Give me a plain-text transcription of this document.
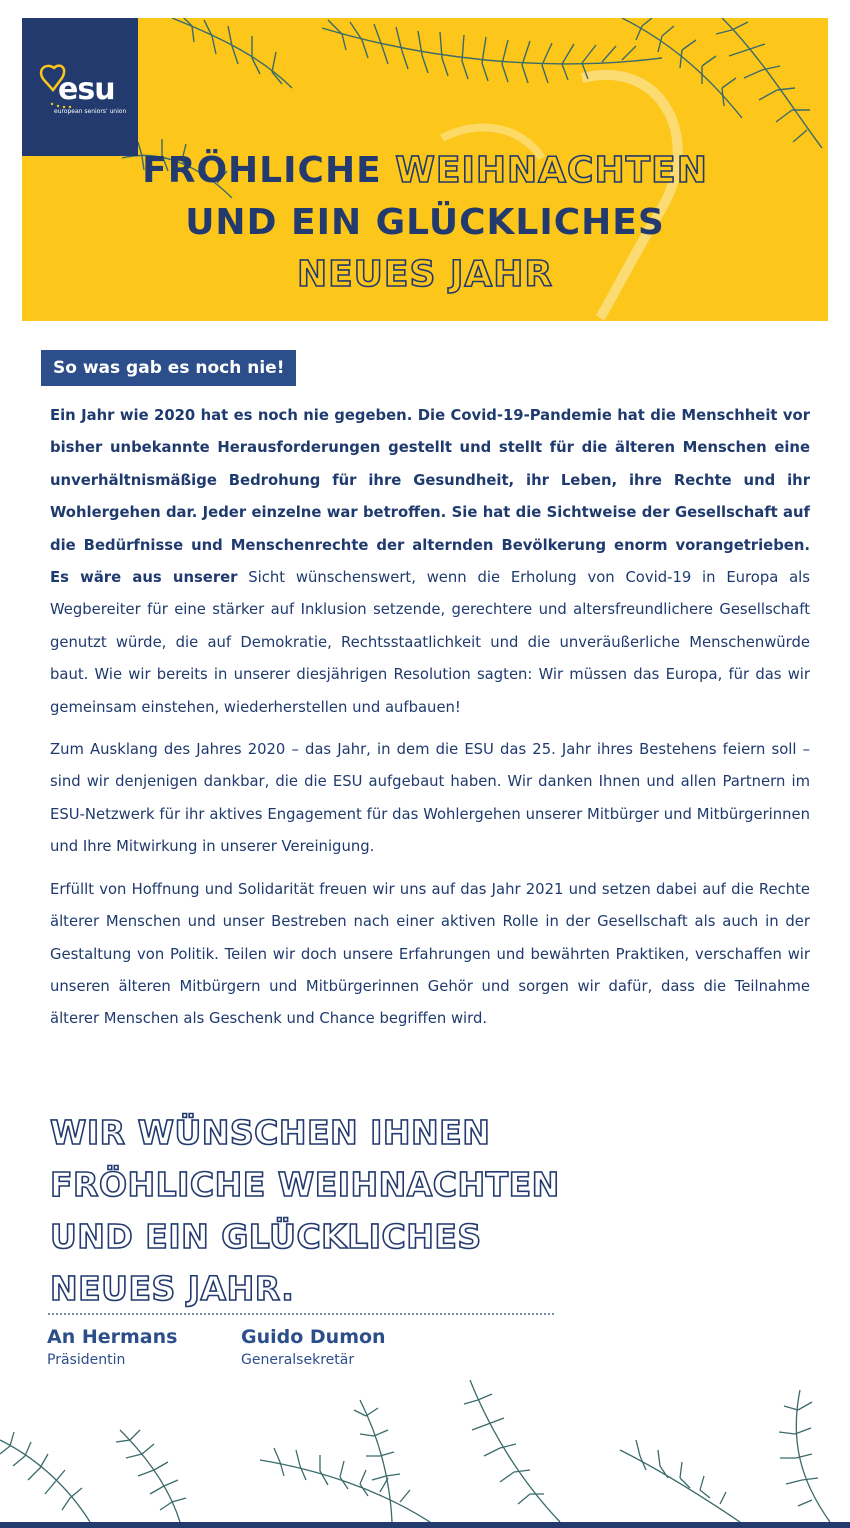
esu
european seniors' union
FRÖHLICHE WEIHNACHTEN
UND EIN GLÜCKLICHES
NEUES JAHR
So was gab es noch nie!

Ein Jahr wie 2020 hat es noch nie gegeben. Die Covid-19-Pandemie hat die Menschheit vor bisher unbekannte Herausforderungen gestellt und stellt für die älteren Menschen eine unverhältnismäßige Bedrohung für ihre Gesundheit, ihr Leben, ihre Rechte und ihr Wohlergehen dar. Jeder einzelne war betroffen. Sie hat die Sichtweise der Gesellschaft auf die Bedürfnisse und Menschenrechte der alternden Bevölkerung enorm vorangetrieben. Es wäre aus unserer Sicht wünschenswert, wenn die Erholung von Covid-19 in Europa als Wegbereiter für eine stärker auf Inklusion setzende, gerechtere und altersfreundlichere Gesellschaft genutzt würde, die auf Demokratie, Rechtsstaatlichkeit und die unveräußerliche Menschenwürde baut. Wie wir bereits in unserer diesjährigen Resolution sagten: Wir müssen das Europa, für das wir gemeinsam einstehen, wiederherstellen und aufbauen!

Zum Ausklang des Jahres 2020 – das Jahr, in dem die ESU das 25. Jahr ihres Bestehens feiern soll – sind wir denjenigen dankbar, die die ESU aufgebaut haben. Wir danken Ihnen und allen Partnern im ESU-Netzwerk für ihr aktives Engagement für das Wohlergehen unserer Mitbürger und Mitbürgerinnen und Ihre Mitwirkung in unserer Vereinigung.

Erfüllt von Hoffnung und Solidarität freuen wir uns auf das Jahr 2021 und setzen dabei auf die Rechte älterer Menschen und unser Bestreben nach einer aktiven Rolle in der Gesellschaft als auch in der Gestaltung von Politik. Teilen wir doch unsere Erfahrungen und bewährten Praktiken, verschaffen wir unseren älteren Mitbürgern und Mitbürgerinnen Gehör und sorgen wir dafür, dass die Teilnahme älterer Menschen als Geschenk und Chance begriffen wird.

WIR WÜNSCHEN IHNEN
FRÖHLICHE WEIHNACHTEN
UND EIN GLÜCKLICHES
NEUES JAHR.
An Hermans
Präsidentin
Guido Dumon
Generalsekretär
